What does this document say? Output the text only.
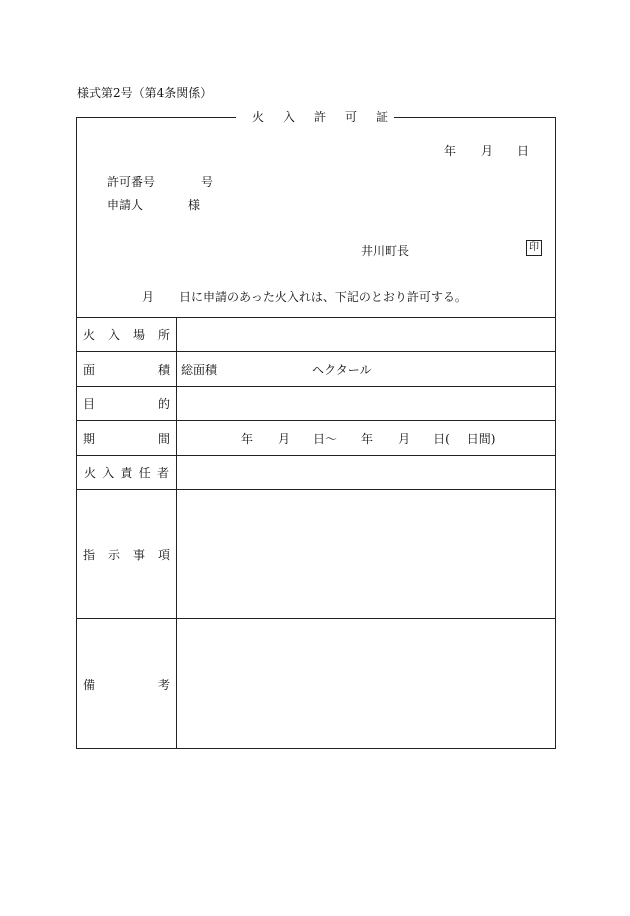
様式第2号（第4条関係）
火入許可証
年 月 日
許可番号	号
申請人	様
井川町長	印
月 日に申請のあった火入れは、下記のとおり許可する。
火 入 場 所
面	積 総面積	ヘクタール
目	的
期	間	年 月 日～ 年 月 日( 日間)
火 入 責 任 者
指 示 事 項
備	考
